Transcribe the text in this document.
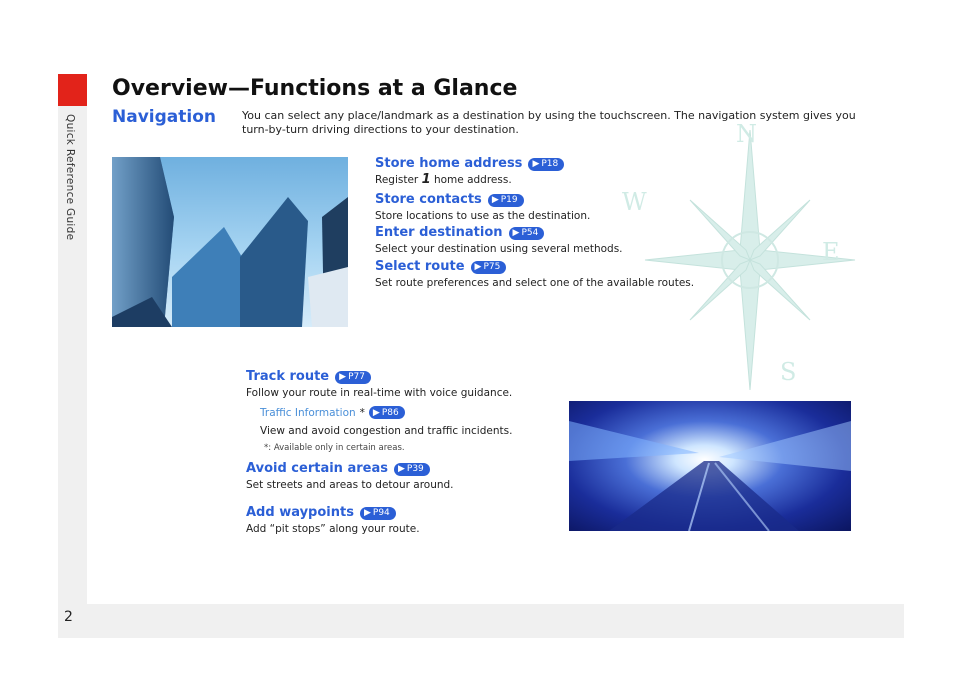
Quick Reference Guide
2
N
E
S
W
Overview—Functions at a Glance
Navigation You can select any place/landmark as a destination by using the touchscreen. The navigation system gives you turn-by-turn driving directions to your destination.
Store home address ▶ P18
Register 1 home address.
Store contacts ▶ P19
Store locations to use as the destination.
Enter destination ▶ P54
Select your destination using several methods.
Select route ▶ P75
Set route preferences and select one of the available routes.
Track route ▶ P77
Follow your route in real-time with voice guidance.
Traffic Information * ▶ P86
View and avoid congestion and traffic incidents.
*: Available only in certain areas.
Avoid certain areas ▶ P39
Set streets and areas to detour around.
Add waypoints ▶ P94
Add “pit stops” along your route.
